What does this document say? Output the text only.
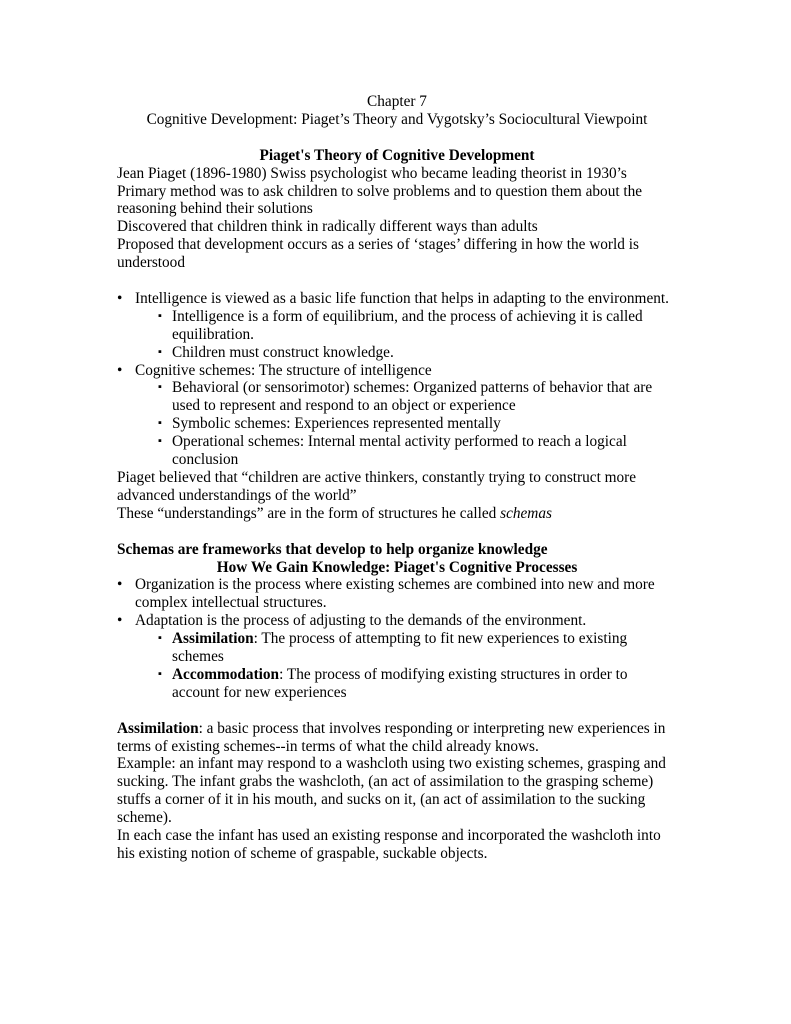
Chapter 7

Cognitive Development: Piaget’s Theory and Vygotsky’s Sociocultural Viewpoint

Piaget's Theory of Cognitive Development

Jean Piaget (1896-1980) Swiss psychologist who became leading theorist in 1930’s

Primary method was to ask children to solve problems and to question them about the reasoning behind their solutions

Discovered that children think in radically different ways than adults

Proposed that development occurs as a series of ‘stages’ differing in how the world is understood

• Intelligence is viewed as a basic life function that helps in adapting to the environment.
▪ Intelligence is a form of equilibrium, and the process of achieving it is called equilibration.
▪ Children must construct knowledge.
• Cognitive schemes: The structure of intelligence
▪ Behavioral (or sensorimotor) schemes: Organized patterns of behavior that are used to represent and respond to an object or experience
▪ Symbolic schemes: Experiences represented mentally
▪ Operational schemes: Internal mental activity performed to reach a logical conclusion

Piaget believed that “children are active thinkers, constantly trying to construct more advanced understandings of the world”

These “understandings” are in the form of structures he called schemas

Schemas are frameworks that develop to help organize knowledge

How We Gain Knowledge: Piaget's Cognitive Processes

• Organization is the process where existing schemes are combined into new and more complex intellectual structures.
• Adaptation is the process of adjusting to the demands of the environment.
▪ Assimilation: The process of attempting to fit new experiences to existing schemes
▪ Accommodation: The process of modifying existing structures in order to account for new experiences

Assimilation: a basic process that involves responding or interpreting new experiences in terms of existing schemes--in terms of what the child already knows.

Example: an infant may respond to a washcloth using two existing schemes, grasping and sucking. The infant grabs the washcloth, (an act of assimilation to the grasping scheme) stuffs a corner of it in his mouth, and sucks on it, (an act of assimilation to the sucking scheme).

In each case the infant has used an existing response and incorporated the washcloth into his existing notion of scheme of graspable, suckable objects.
